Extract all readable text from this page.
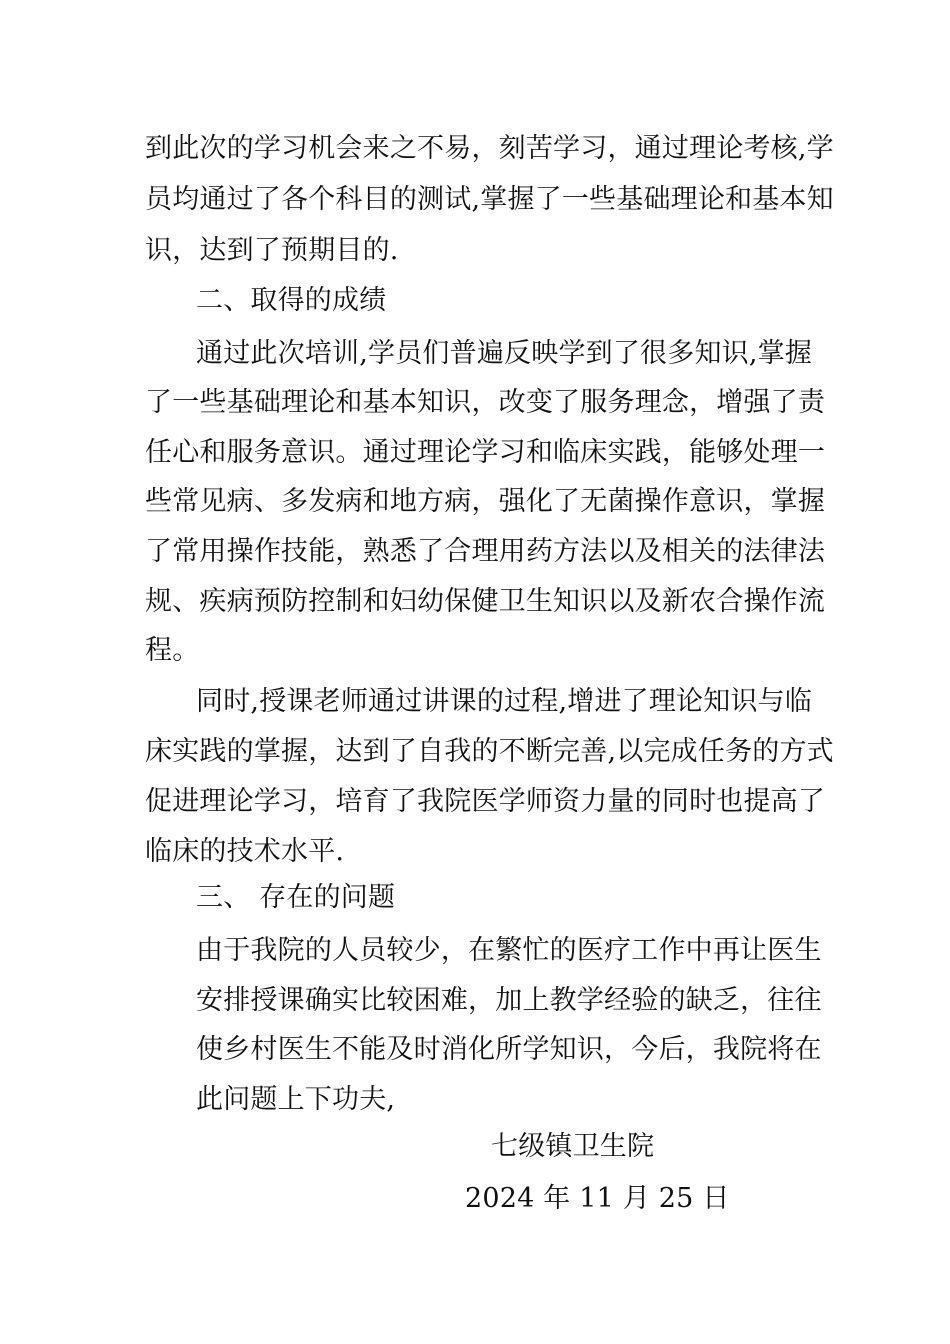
到 此 次 的 学 习 机 会 来 之 不 易 ， 刻 苦 学 习 ， 通 过 理 论 考 核 , 学
员 均 通 过 了 各 个 科 目 的 测 试 , 掌 握 了 一 些 基 础 理 论 和 基 本 知
识，达到了预期目的.
二、取得的成绩
通 过 此 次 培 训 , 学 员 们 普 遍 反 映 学 到 了 很 多 知 识 , 掌 握
了 一 些 基 础 理 论 和 基 本 知 识 ， 改 变 了 服 务 理 念 ， 增 强 了 责
任 心 和 服 务 意 识 。 通 过 理 论 学 习 和 临 床 实 践 ， 能 够 处 理 一
些 常 见 病 、 多 发 病 和 地 方 病 ， 强 化 了 无 菌 操 作 意 识 ， 掌 握
了 常 用 操 作 技 能 ， 熟 悉 了 合 理 用 药 方 法 以 及 相 关 的 法 律 法
规 、 疾 病 预 防 控 制 和 妇 幼 保 健 卫 生 知 识 以 及 新 农 合 操 作 流
程。
同 时 , 授 课 老 师 通 过 讲 课 的 过 程 , 增 进 了 理 论 知 识 与 临
床 实 践 的 掌 握 ， 达 到 了 自 我 的 不 断 完 善 , 以 完 成 任 务 的 方 式
促 进 理 论 学 习 ， 培 育 了 我 院 医 学 师 资 力 量 的 同 时 也 提 高 了
临床的技术水平.
三、 存在的问题
由 于 我 院 的 人 员 较 少 ， 在 繁 忙 的 医 疗 工 作 中 再 让 医 生
安 排 授 课 确 实 比 较 困 难 ， 加 上 教 学 经 验 的 缺 乏 ， 往 往
使 乡 村 医 生 不 能 及 时 消 化 所 学 知 识 ， 今 后 ， 我 院 将 在
此问题上下功夫,
七级镇卫生院
2024 年 11 月 25 日
